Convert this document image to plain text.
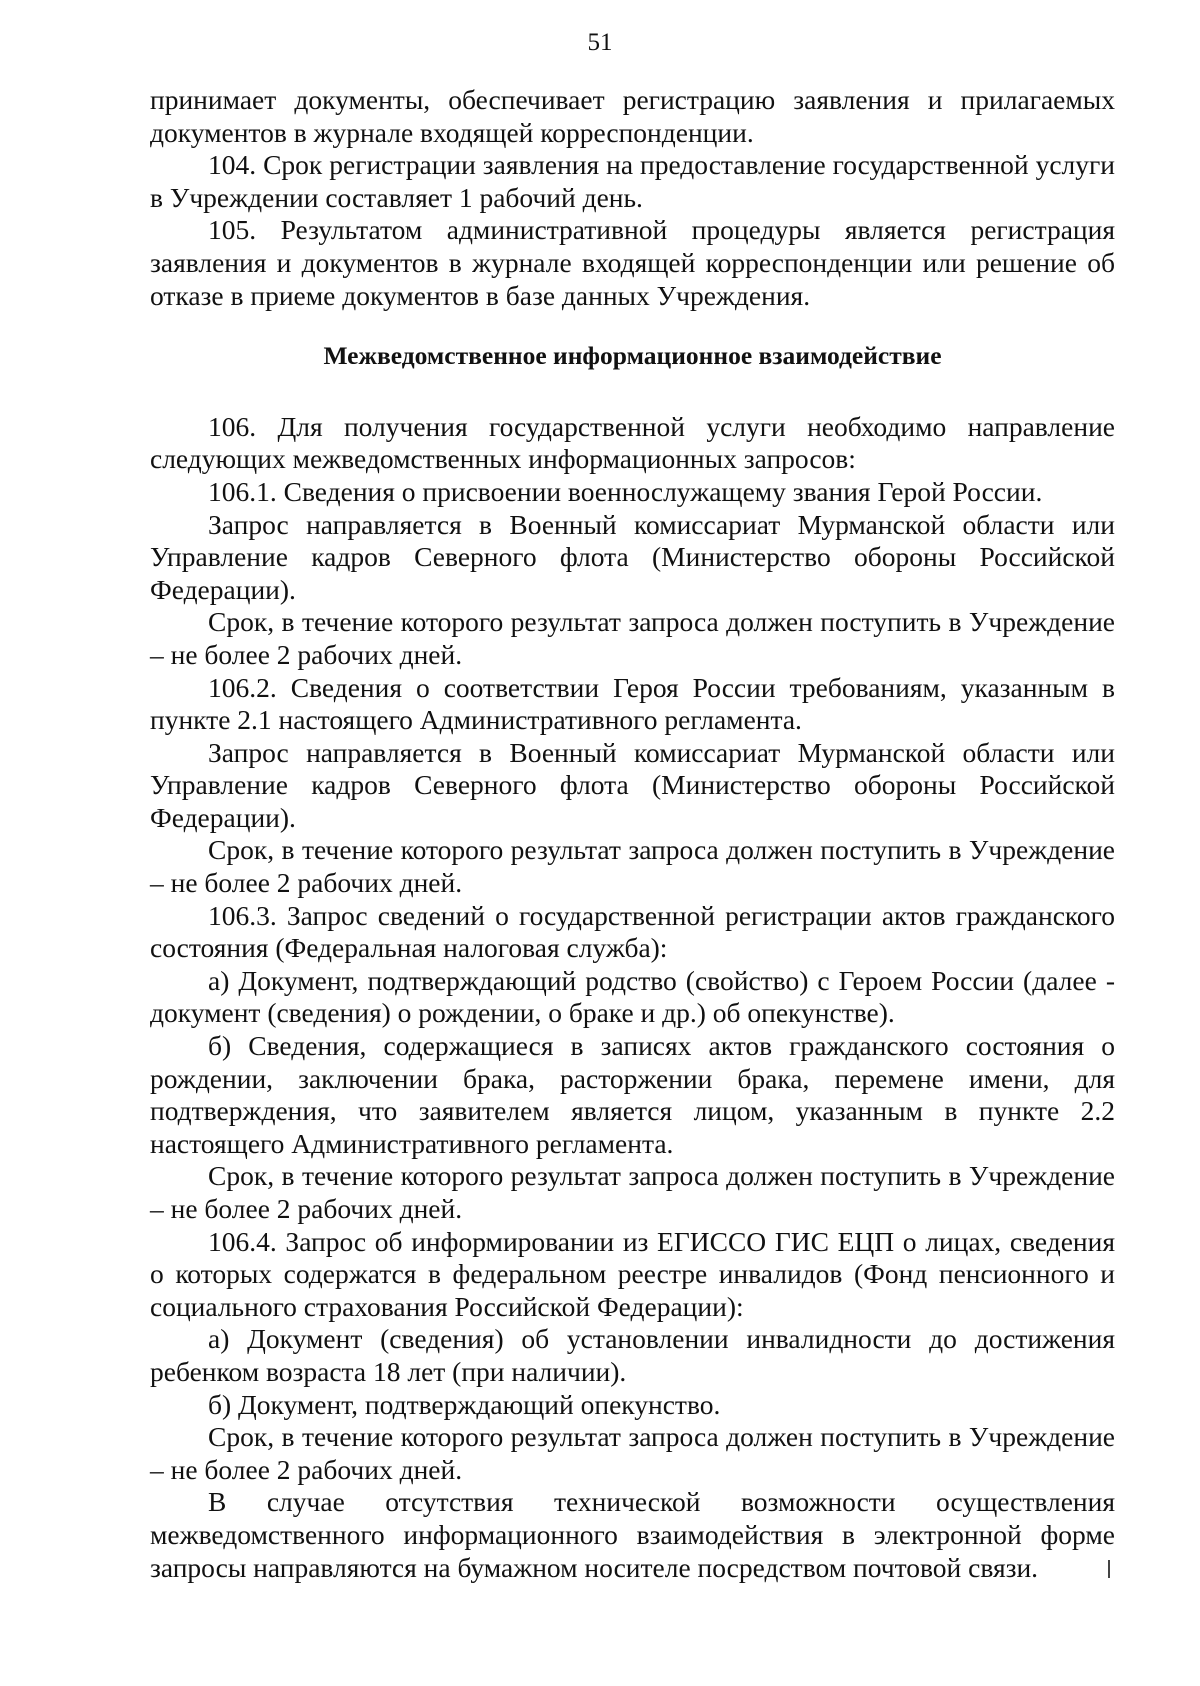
51

принимает документы, обеспечивает регистрацию заявления и прилагаемых документов в журнале входящей корреспонденции.

104. Срок регистрации заявления на предоставление государственной услуги в Учреждении составляет 1 рабочий день.

105. Результатом административной процедуры является регистрация заявления и документов в журнале входящей корреспонденции или решение об отказе в приеме документов в базе данных Учреждения.

Межведомственное информационное взаимодействие

106. Для получения государственной услуги необходимо направление следующих межведомственных информационных запросов:

106.1. Сведения о присвоении военнослужащему звания Герой России.

Запрос направляется в Военный комиссариат Мурманской области или Управление кадров Северного флота (Министерство обороны Российской Федерации).

Срок, в течение которого результат запроса должен поступить в Учреждение – не более 2 рабочих дней.

106.2. Сведения о соответствии Героя России требованиям, указанным в пункте 2.1 настоящего Административного регламента.

Запрос направляется в Военный комиссариат Мурманской области или Управление кадров Северного флота (Министерство обороны Российской Федерации).

Срок, в течение которого результат запроса должен поступить в Учреждение – не более 2 рабочих дней.

106.3. Запрос сведений о государственной регистрации актов гражданского состояния (Федеральная налоговая служба):

а) Документ, подтверждающий родство (свойство) с Героем России (далее - документ (сведения) о рождении, о браке и др.) об опекунстве).

б) Сведения, содержащиеся в записях актов гражданского состояния о рождении, заключении брака, расторжении брака, перемене имени, для подтверждения, что заявителем является лицом, указанным в пункте 2.2 настоящего Административного регламента.

Срок, в течение которого результат запроса должен поступить в Учреждение – не более 2 рабочих дней.

106.4. Запрос об информировании из ЕГИССО ГИС ЕЦП о лицах, сведения о которых содержатся в федеральном реестре инвалидов (Фонд пенсионного и социального страхования Российской Федерации):

а) Документ (сведения) об установлении инвалидности до достижения ребенком возраста 18 лет (при наличии).

б) Документ, подтверждающий опекунство.

Срок, в течение которого результат запроса должен поступить в Учреждение – не более 2 рабочих дней.

В случае отсутствия технической возможности осуществления межведомственного информационного взаимодействия в электронной форме запросы направляются на бумажном носителе посредством почтовой связи.
